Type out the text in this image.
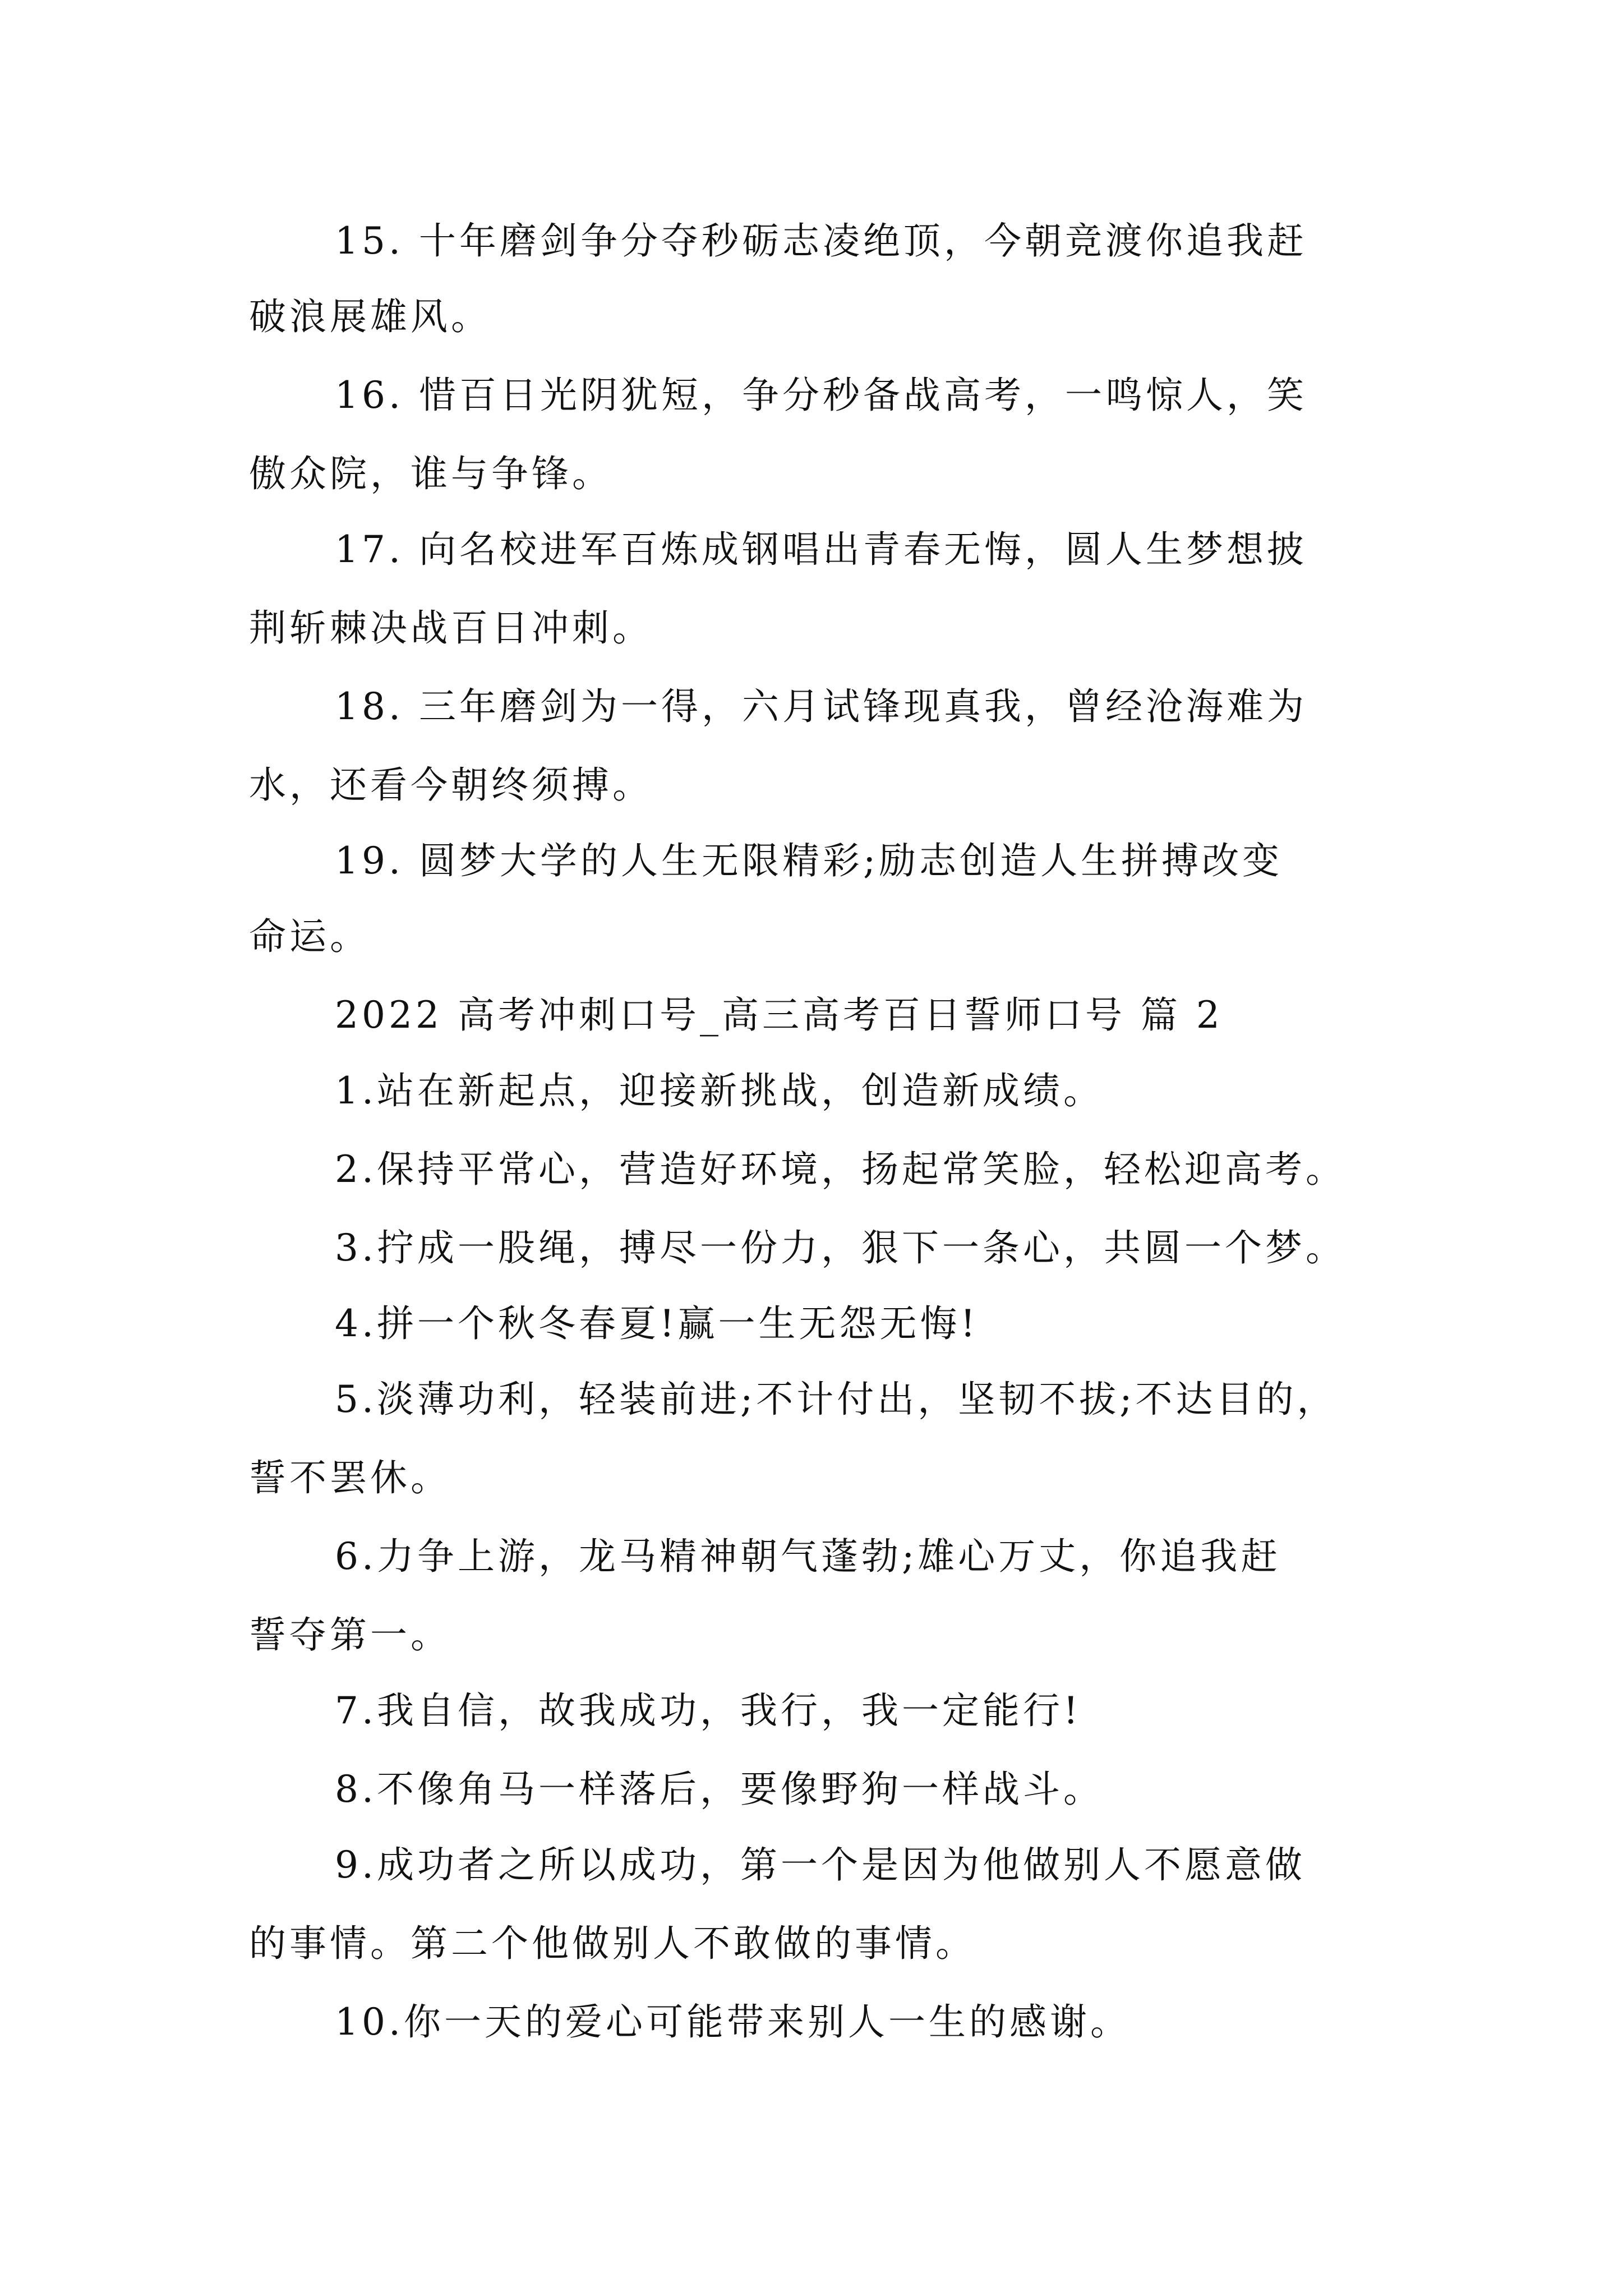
15. 十年磨剑争分夺秒砺志凌绝顶，今朝竞渡你追我赶
破浪展雄风。
16. 惜百日光阴犹短，争分秒备战高考，一鸣惊人，笑
傲众院，谁与争锋。
17. 向名校进军百炼成钢唱出青春无悔，圆人生梦想披
荆斩棘决战百日冲刺。
18. 三年磨剑为一得，六月试锋现真我，曾经沧海难为
水，还看今朝终须搏。
19. 圆梦大学的人生无限精彩;励志创造人生拼搏改变
命运。
2022 高考冲刺口号_高三高考百日誓师口号 篇 2
1.站在新起点，迎接新挑战，创造新成绩。
2.保持平常心，营造好环境，扬起常笑脸，轻松迎高考。
3.拧成一股绳，搏尽一份力，狠下一条心，共圆一个梦。
4.拼一个秋冬春夏!赢一生无怨无悔!
5.淡薄功利，轻装前进;不计付出，坚韧不拔;不达目的，
誓不罢休。
6.力争上游，龙马精神朝气蓬勃;雄心万丈，你追我赶
誓夺第一。
7.我自信，故我成功，我行，我一定能行!
8.不像角马一样落后，要像野狗一样战斗。
9.成功者之所以成功，第一个是因为他做别人不愿意做
的事情。第二个他做别人不敢做的事情。
10.你一天的爱心可能带来别人一生的感谢。
